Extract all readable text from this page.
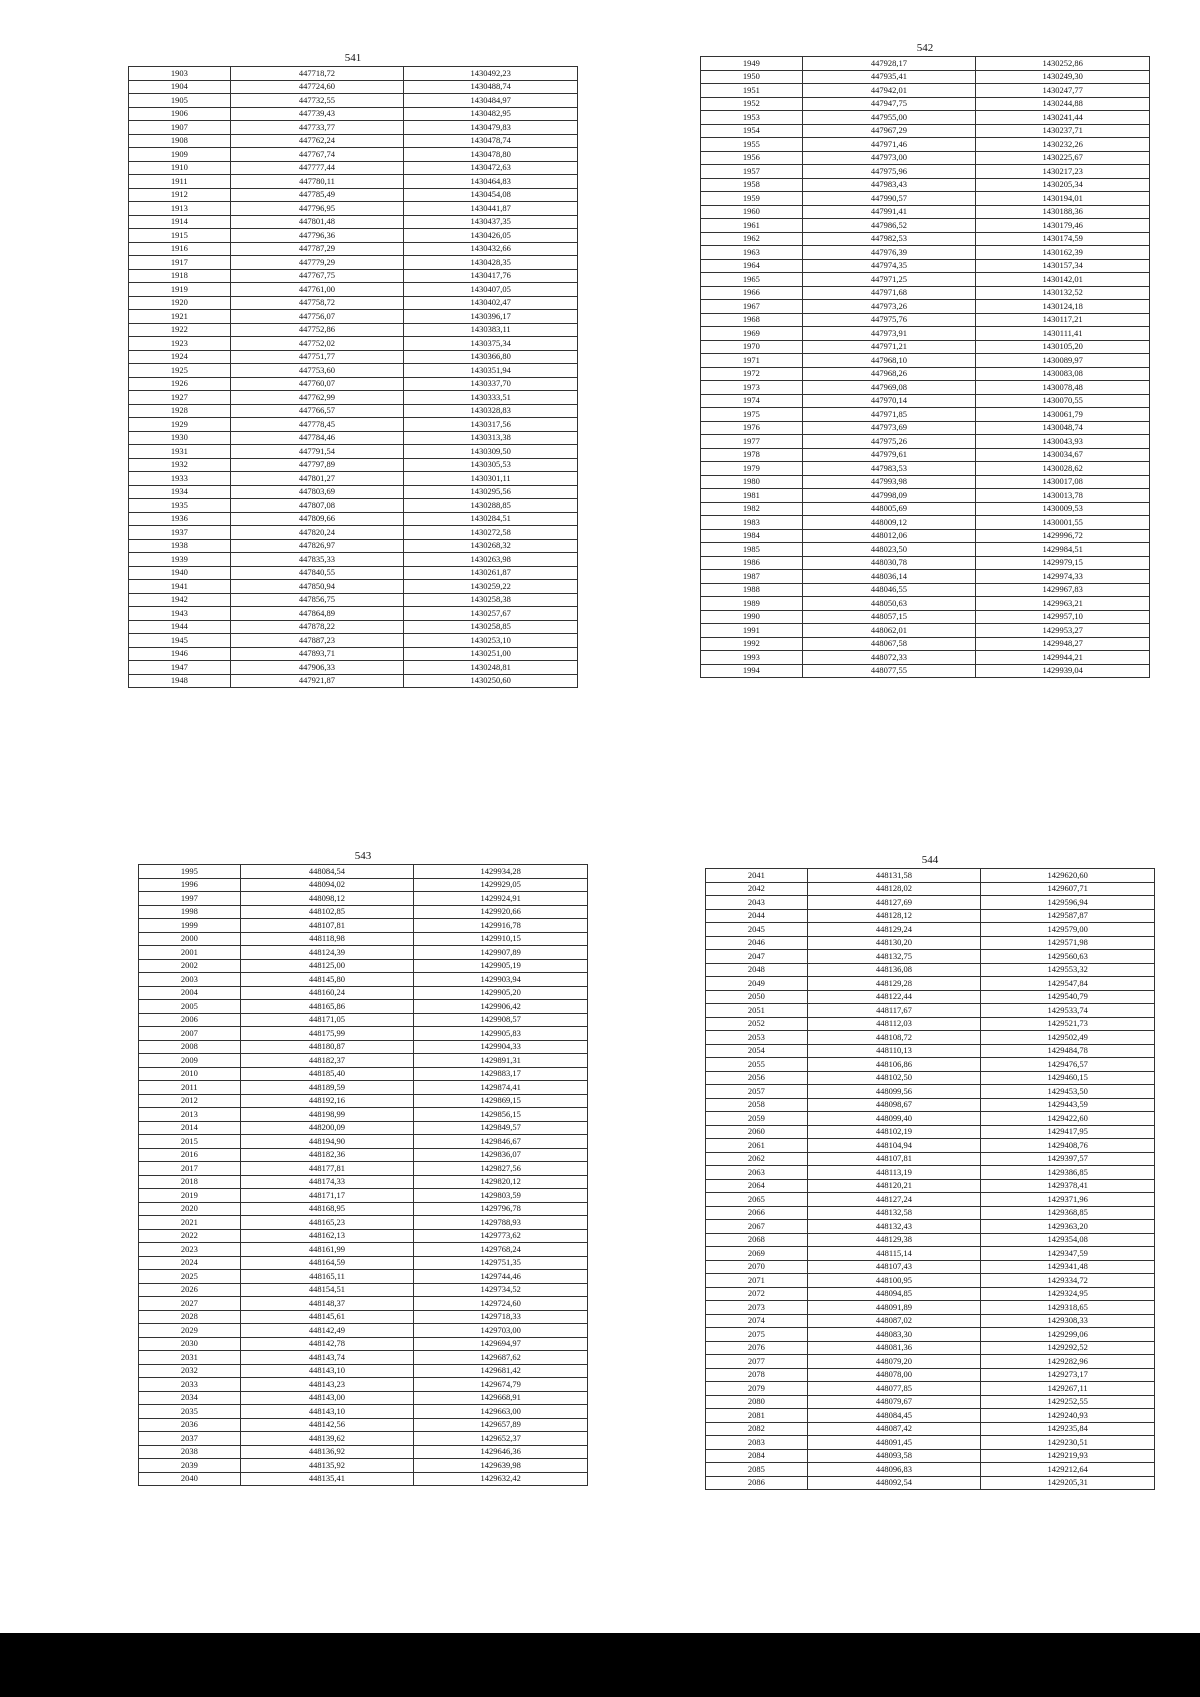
541
1903	447718,72	1430492,23
1904	447724,60	1430488,74
1905	447732,55	1430484,97
1906	447739,43	1430482,95
1907	447733,77	1430479,83
1908	447762,24	1430478,74
1909	447767,74	1430478,80
1910	447777,44	1430472,63
1911	447780,11	1430464,83
1912	447785,49	1430454,08
1913	447796,95	1430441,87
1914	447801,48	1430437,35
1915	447796,36	1430426,05
1916	447787,29	1430432,66
1917	447779,29	1430428,35
1918	447767,75	1430417,76
1919	447761,00	1430407,05
1920	447758,72	1430402,47
1921	447756,07	1430396,17
1922	447752,86	1430383,11
1923	447752,02	1430375,34
1924	447751,77	1430366,80
1925	447753,60	1430351,94
1926	447760,07	1430337,70
1927	447762,99	1430333,51
1928	447766,57	1430328,83
1929	447778,45	1430317,56
1930	447784,46	1430313,38
1931	447791,54	1430309,50
1932	447797,89	1430305,53
1933	447801,27	1430301,11
1934	447803,69	1430295,56
1935	447807,08	1430288,85
1936	447809,66	1430284,51
1937	447820,24	1430272,58
1938	447826,97	1430268,32
1939	447835,33	1430263,98
1940	447840,55	1430261,87
1941	447850,94	1430259,22
1942	447856,75	1430258,38
1943	447864,89	1430257,67
1944	447878,22	1430258,85
1945	447887,23	1430253,10
1946	447893,71	1430251,00
1947	447906,33	1430248,81
1948	447921,87	1430250,60
542
1949	447928,17	1430252,86
1950	447935,41	1430249,30
1951	447942,01	1430247,77
1952	447947,75	1430244,88
1953	447955,00	1430241,44
1954	447967,29	1430237,71
1955	447971,46	1430232,26
1956	447973,00	1430225,67
1957	447975,96	1430217,23
1958	447983,43	1430205,34
1959	447990,57	1430194,01
1960	447991,41	1430188,36
1961	447986,52	1430179,46
1962	447982,53	1430174,59
1963	447976,39	1430162,39
1964	447974,35	1430157,34
1965	447971,25	1430142,01
1966	447971,68	1430132,52
1967	447973,26	1430124,18
1968	447975,76	1430117,21
1969	447973,91	1430111,41
1970	447971,21	1430105,20
1971	447968,10	1430089,97
1972	447968,26	1430083,08
1973	447969,08	1430078,48
1974	447970,14	1430070,55
1975	447971,85	1430061,79
1976	447973,69	1430048,74
1977	447975,26	1430043,93
1978	447979,61	1430034,67
1979	447983,53	1430028,62
1980	447993,98	1430017,08
1981	447998,09	1430013,78
1982	448005,69	1430009,53
1983	448009,12	1430001,55
1984	448012,06	1429996,72
1985	448023,50	1429984,51
1986	448030,78	1429979,15
1987	448036,14	1429974,33
1988	448046,55	1429967,83
1989	448050,63	1429963,21
1990	448057,15	1429957,10
1991	448062,01	1429953,27
1992	448067,58	1429948,27
1993	448072,33	1429944,21
1994	448077,55	1429939,04
543
1995	448084,54	1429934,28
1996	448094,02	1429929,05
1997	448098,12	1429924,91
1998	448102,85	1429920,66
1999	448107,81	1429916,78
2000	448118,98	1429910,15
2001	448124,39	1429907,89
2002	448125,00	1429905,19
2003	448145,80	1429903,94
2004	448160,24	1429905,20
2005	448165,86	1429906,42
2006	448171,05	1429908,57
2007	448175,99	1429905,83
2008	448180,87	1429904,33
2009	448182,37	1429891,31
2010	448185,40	1429883,17
2011	448189,59	1429874,41
2012	448192,16	1429869,15
2013	448198,99	1429856,15
2014	448200,09	1429849,57
2015	448194,90	1429846,67
2016	448182,36	1429836,07
2017	448177,81	1429827,56
2018	448174,33	1429820,12
2019	448171,17	1429803,59
2020	448168,95	1429796,78
2021	448165,23	1429788,93
2022	448162,13	1429773,62
2023	448161,99	1429768,24
2024	448164,59	1429751,35
2025	448165,11	1429744,46
2026	448154,51	1429734,52
2027	448148,37	1429724,60
2028	448145,61	1429718,33
2029	448142,49	1429703,00
2030	448142,78	1429694,97
2031	448143,74	1429687,62
2032	448143,10	1429681,42
2033	448143,23	1429674,79
2034	448143,00	1429668,91
2035	448143,10	1429663,00
2036	448142,56	1429657,89
2037	448139,62	1429652,37
2038	448136,92	1429646,36
2039	448135,92	1429639,98
2040	448135,41	1429632,42
544
2041	448131,58	1429620,60
2042	448128,02	1429607,71
2043	448127,69	1429596,94
2044	448128,12	1429587,87
2045	448129,24	1429579,00
2046	448130,20	1429571,98
2047	448132,75	1429560,63
2048	448136,08	1429553,32
2049	448129,28	1429547,84
2050	448122,44	1429540,79
2051	448117,67	1429533,74
2052	448112,03	1429521,73
2053	448108,72	1429502,49
2054	448110,13	1429484,78
2055	448106,86	1429476,57
2056	448102,50	1429460,15
2057	448099,56	1429453,50
2058	448098,67	1429443,59
2059	448099,40	1429422,60
2060	448102,19	1429417,95
2061	448104,94	1429408,76
2062	448107,81	1429397,57
2063	448113,19	1429386,85
2064	448120,21	1429378,41
2065	448127,24	1429371,96
2066	448132,58	1429368,85
2067	448132,43	1429363,20
2068	448129,38	1429354,08
2069	448115,14	1429347,59
2070	448107,43	1429341,48
2071	448100,95	1429334,72
2072	448094,85	1429324,95
2073	448091,89	1429318,65
2074	448087,02	1429308,33
2075	448083,30	1429299,06
2076	448081,36	1429292,52
2077	448079,20	1429282,96
2078	448078,00	1429273,17
2079	448077,85	1429267,11
2080	448079,67	1429252,55
2081	448084,45	1429240,93
2082	448087,42	1429235,84
2083	448091,45	1429230,51
2084	448093,58	1429219,93
2085	448096,83	1429212,64
2086	448092,54	1429205,31
